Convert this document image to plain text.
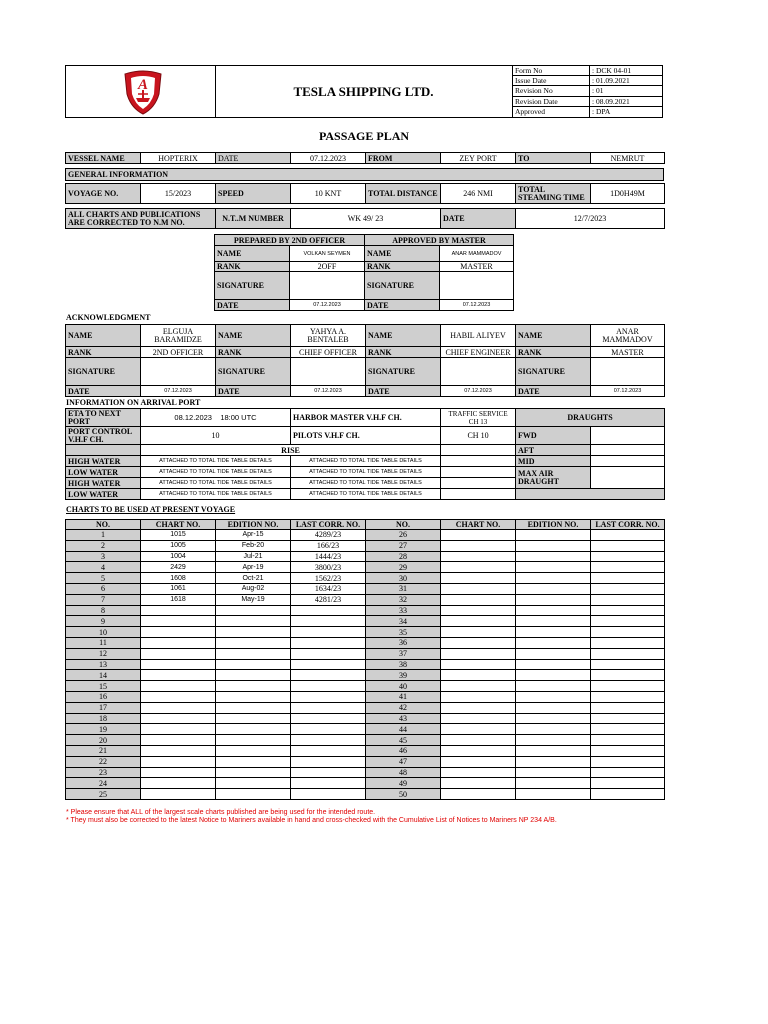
A	TESLA SHIPPING LTD.
Form No	: DCK 04-01
Issue Date	: 01.09.2021
Revision No	: 01
Revision Date	: 08.09.2021
Approved	: DPA
PASSAGE PLAN
VESSEL NAME	HOPTERIX	DATE	07.12.2023	FROM	ZEY PORT	TO	NEMRUT
GENERAL INFORMATION
VOYAGE NO.	15/2023	SPEED	10 KNT	TOTAL DISTANCE	246 NMI	TOTAL STEAMING TIME	1D0H49M
ALL CHARTS AND PUBLICATIONS ARE CORRECTED TO N.M NO.	N.T..M NUMBER	WK 49/ 23	DATE	12/7/2023
PREPARED BY 2ND OFFICER		APPROVED BY MASTER	
NAME	VOLKAN SEYMEN	NAME	ANAR MAMMADOV
RANK	2OFF	RANK	MASTER
SIGNATURE		SIGNATURE	
DATE	07.12.2023	DATE	07.12.2023
ACKNOWLEDGMENT
NAME	ELGUJA BARAMIDZE	NAME	YAHYA A. BENTALEB	NAME	HABIL ALIYEV	NAME	ANAR MAMMADOV
RANK	2ND OFFICER	RANK	CHIEF OFFICER	RANK	CHIEF ENGINEER	RANK	MASTER
SIGNATURE		SIGNATURE		SIGNATURE		SIGNATURE	
DATE	07.12.2023	DATE	07.12.2023	DATE	07.12.2023	DATE	07.12.2023
INFORMATION ON ARRIVAL PORT
ETA TO NEXT PORT	08.12.2023 18:00 UTC	HARBOR MASTER V.H.F CH.	TRAFFIC SERVICE CH 13	DRAUGHTS	
PORT CONTROL V.H.F CH.	10	PILOTS V.H.F CH.	CH 10	FWD	
	RISE			AFT	
HIGH WATER	ATTACHED TO TOTAL TIDE TABLE DETAILS	ATTACHED TO TOTAL TIDE TABLE DETAILS		MID	
LOW WATER	ATTACHED TO TOTAL TIDE TABLE DETAILS	ATTACHED TO TOTAL TIDE TABLE DETAILS		MAX AIR DRAUGHT	
HIGH WATER	ATTACHED TO TOTAL TIDE TABLE DETAILS	ATTACHED TO TOTAL TIDE TABLE DETAILS			
LOW WATER	ATTACHED TO TOTAL TIDE TABLE DETAILS	ATTACHED TO TOTAL TIDE TABLE DETAILS			
CHARTS TO BE USED AT PRESENT VOYAGE
NO.	CHART NO.	EDITION NO.	LAST CORR. NO.	NO.	CHART NO.	EDITION NO.	LAST CORR. NO.
1	1015	Apr-15	4289/23	26			
2	1005	Feb-20	166/23	27			
3	1004	Jul-21	1444/23	28			
4	2429	Apr-19	3800/23	29			
5	1608	Oct-21	1562/23	30			
6	1061	Aug-02	1634/23	31			
7	1618	May-19	4281/23	32			
8				33			
9				34			
10				35			
11				36			
12				37			
13				38			
14				39			
15				40			
16				41			
17				42			
18				43			
19				44			
20				45			
21				46			
22				47			
23				48			
24				49			
25				50			
* Please ensure that ALL of the largest scale charts published are being used for the intended route.
* They must also be corrected to the latest Notice to Mariners available in hand and cross-checked with the Cumulative List of Notices to Mariners NP 234 A/B.
